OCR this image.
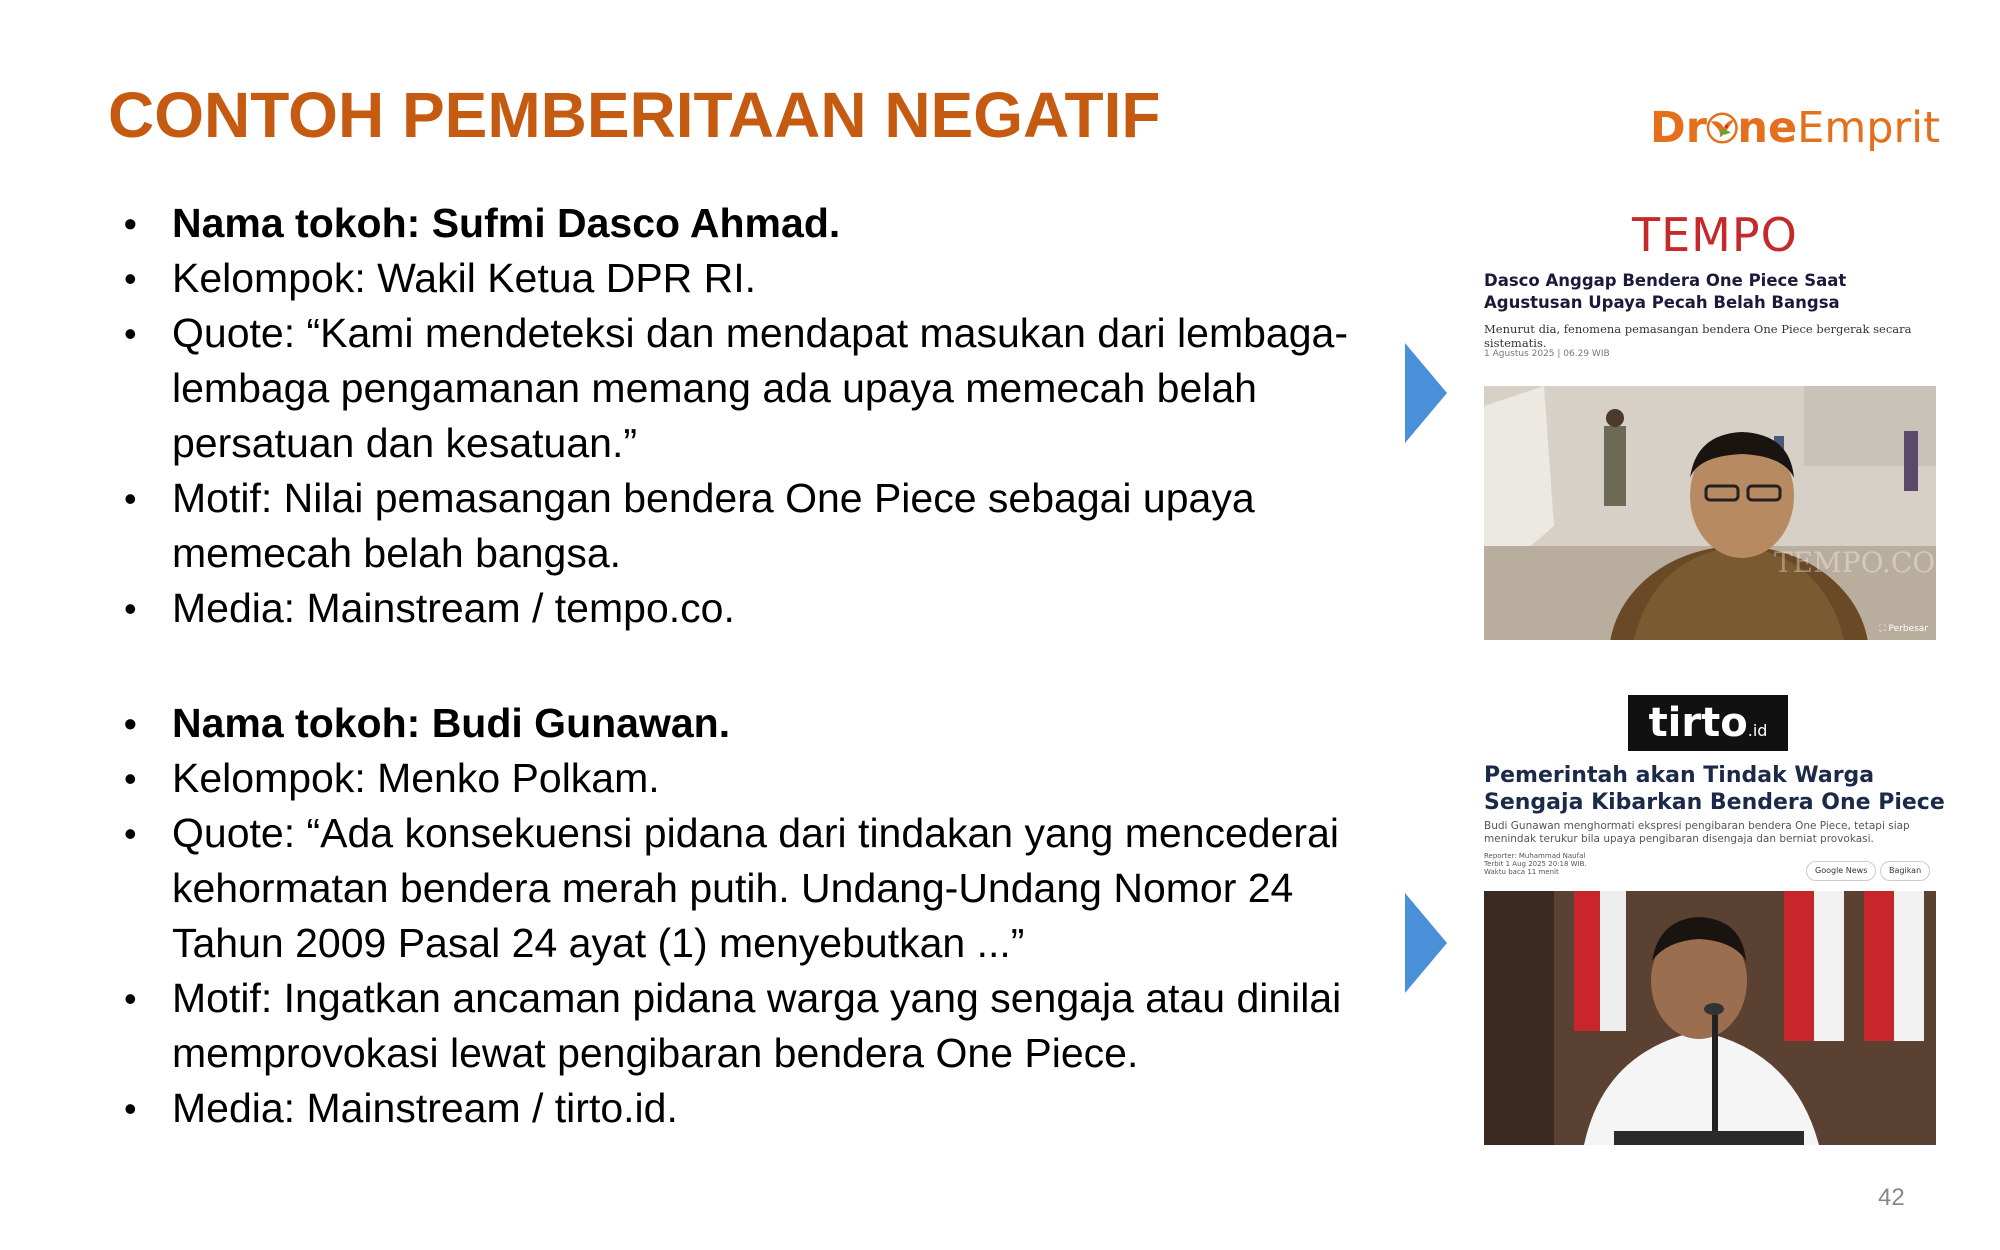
CONTOH PEMBERITAAN NEGATIF	Dr ne Emprit
• Nama tokoh: Sufmi Dasco Ahmad.
• Kelompok: Wakil Ketua DPR RI.
• Quote: “Kami mendeteksi dan mendapat masukan dari lembaga-lembaga pengamanan memang ada upaya memecah belah persatuan dan kesatuan.”
• Motif: Nilai pemasangan bendera One Piece sebagai upaya memecah belah bangsa.
• Media: Mainstream / tempo.co.
• Nama tokoh: Budi Gunawan.
• Kelompok: Menko Polkam.
• Quote: “Ada konsekuensi pidana dari tindakan yang mencederai kehormatan bendera merah putih. Undang-Undang Nomor 24 Tahun 2009 Pasal 24 ayat (1) menyebutkan ...”
• Motif: Ingatkan ancaman pidana warga yang sengaja atau dinilai memprovokasi lewat pengibaran bendera One Piece.
• Media: Mainstream / tirto.id.
TEMPO
Dasco Anggap Bendera One Piece Saat Agustusan Upaya Pecah Belah Bangsa
Menurut dia, fenomena pemasangan bendera One Piece bergerak secara sistematis.
1 Agustus 2025 | 06.29 WIB
TEMPO.CO
⛶ Perbesar
tirto.id
Pemerintah akan Tindak Warga Sengaja Kibarkan Bendera One Piece
Budi Gunawan menghormati ekspresi pengibaran bendera One Piece, tetapi siap menindak terukur bila upaya pengibaran disengaja dan berniat provokasi.
Reporter: Muhammad Naufal
Terbit 1 Aug 2025 20:18 WIB.
Waktu baca 11 menit	Google News	Bagikan
42
